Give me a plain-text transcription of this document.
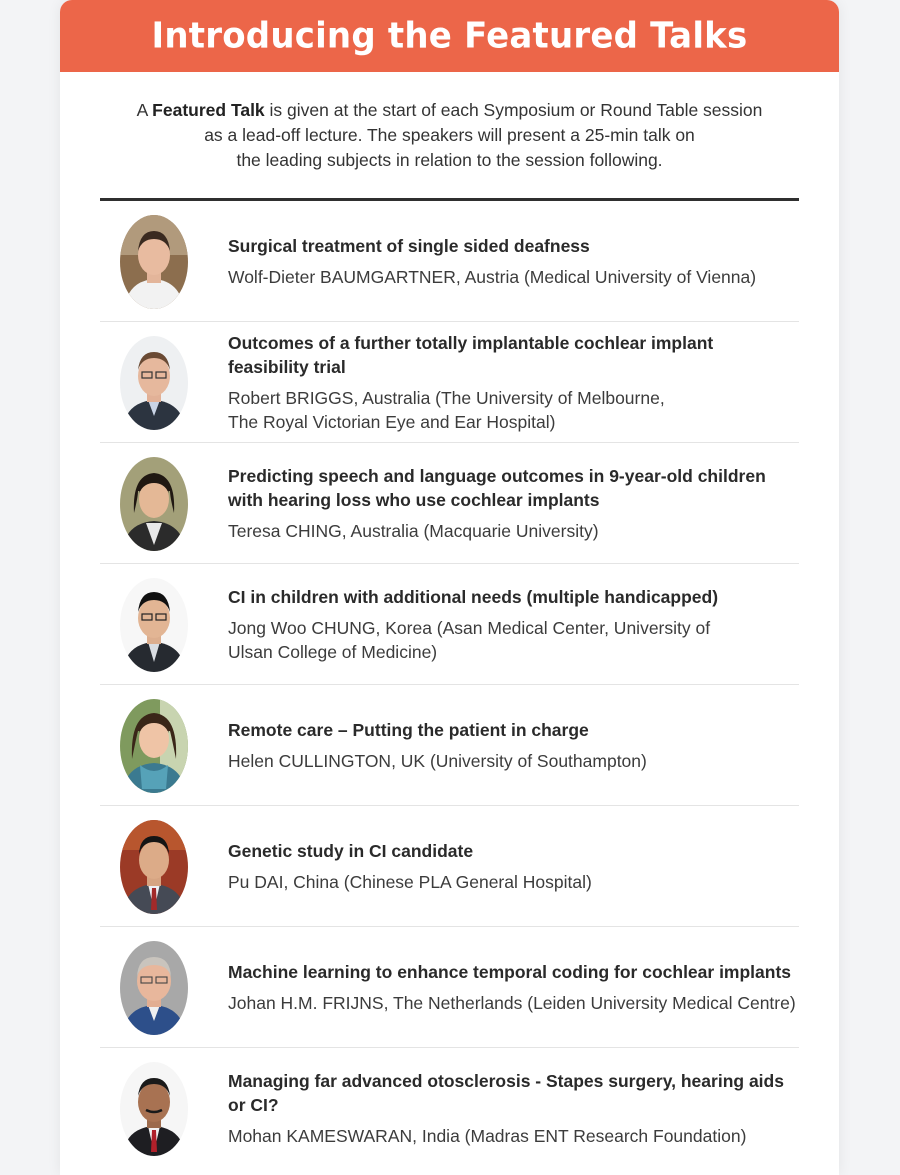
Introducing the Featured Talks
A Featured Talk is given at the start of each Symposium or Round Table session
as a lead-off lecture. The speakers will present a 25-min talk on
the leading subjects in relation to the session following.

Surgical treatment of single sided deafness

Wolf-Dieter BAUMGARTNER, Austria (Medical University of Vienna)

Outcomes of a further totally implantable cochlear implant
feasibility trial

Robert BRIGGS, Australia (The University of Melbourne,
The Royal Victorian Eye and Ear Hospital)

Predicting speech and language outcomes in 9-year-old children
with hearing loss who use cochlear implants

Teresa CHING, Australia (Macquarie University)

CI in children with additional needs (multiple handicapped)

Jong Woo CHUNG, Korea (Asan Medical Center, University of
Ulsan College of Medicine)

Remote care – Putting the patient in charge

Helen CULLINGTON, UK (University of Southampton)

Genetic study in CI candidate

Pu DAI, China (Chinese PLA General Hospital)

Machine learning to enhance temporal coding for cochlear implants

Johan H.M. FRIJNS, The Netherlands (Leiden University Medical Centre)

Managing far advanced otosclerosis - Stapes surgery, hearing aids or CI?

Mohan KAMESWARAN, India (Madras ENT Research Foundation)
